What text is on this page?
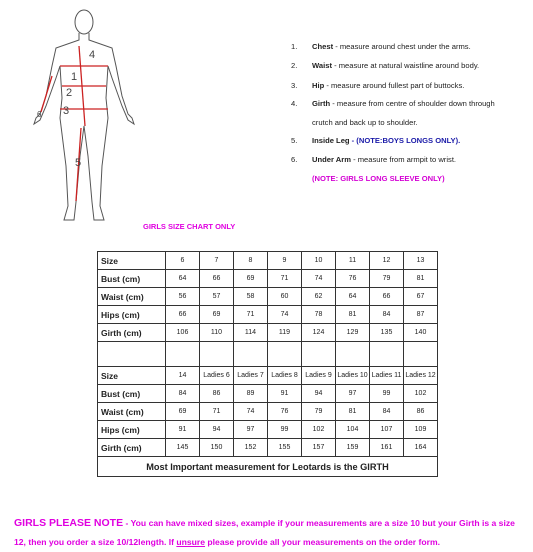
1
2
3
4
5
6
1. Chest - measure around chest under the arms.
2. Waist - measure at natural waistline around body.
3. Hip - measure around fullest part of buttocks.
4. Girth - measure from centre of shoulder down through
crutch and back up to shoulder.
5. Inside Leg - (NOTE:BOYS LONGS ONLY).
6. Under Arm - measure from armpit to wrist.
(NOTE: GIRLS LONG SLEEVE ONLY)
GIRLS SIZE CHART ONLY
Size	6	7	8	9	10	11	12	13
Bust (cm)	64	66	69	71	74	76	79	81
Waist (cm)	56	57	58	60	62	64	66	67
Hips (cm)	66	69	71	74	78	81	84	87
Girth (cm)	106	110	114	119	124	129	135	140

Size	14	Ladies 6	Ladies 7	Ladies 8	Ladies 9	Ladies 10	Ladies 11	Ladies 12
Bust (cm)	84	86	89	91	94	97	99	102
Waist (cm)	69	71	74	76	79	81	84	86
Hips (cm)	91	94	97	99	102	104	107	109
Girth (cm)	145	150	152	155	157	159	161	164
Most Important measurement for Leotards is the GIRTH								
GIRLS PLEASE NOTE - You can have mixed sizes, example if your measurements are a size 10 but your Girth is a size 12, then you order a size 10/12length. If unsure please provide all your measurements on the order form.
